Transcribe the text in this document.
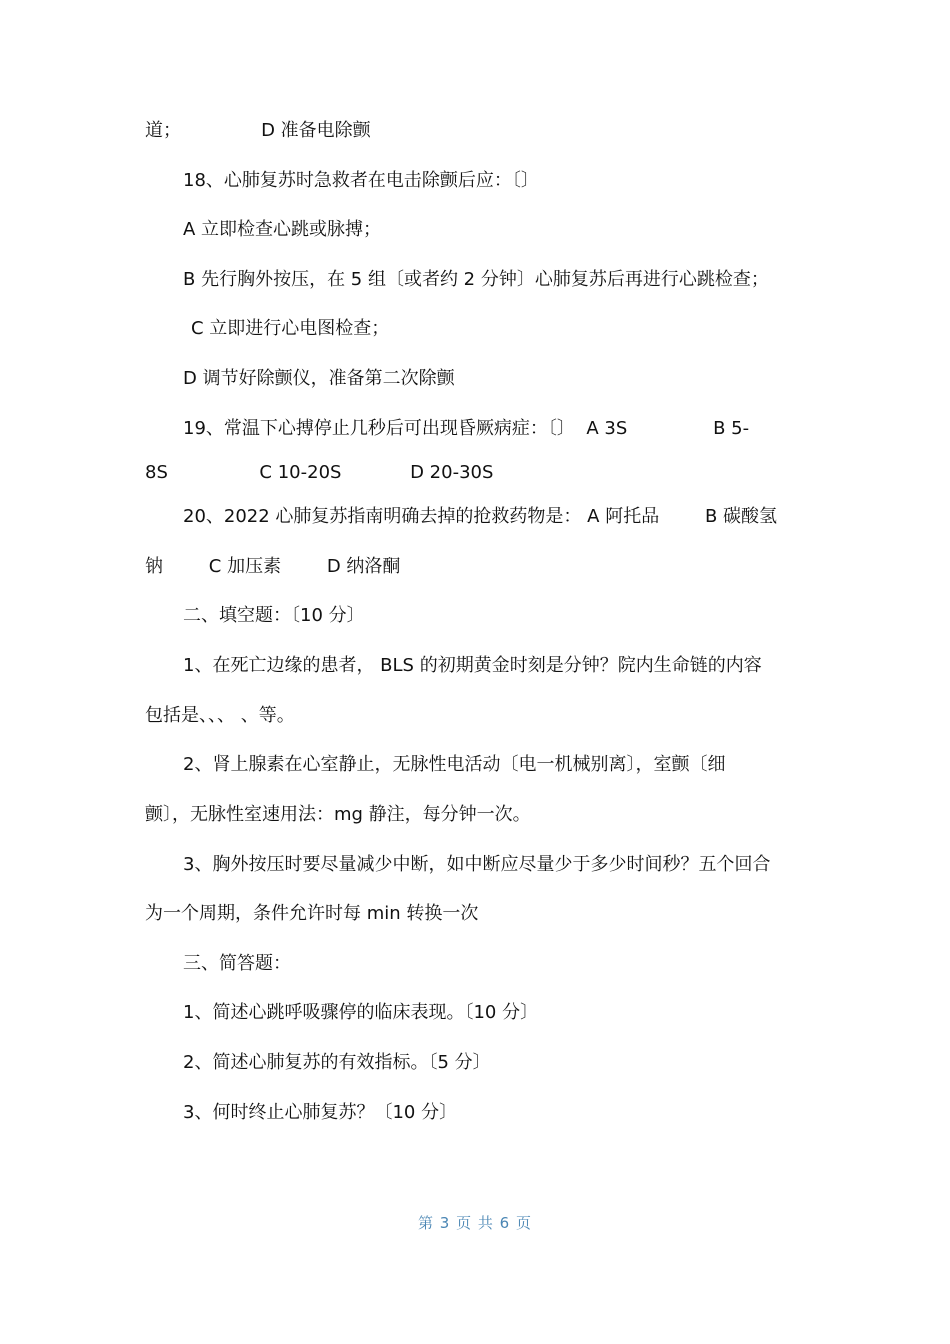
道；              D 准备电除颤
18、心肺复苏时急救者在电击除颤后应：〔〕
A 立即检查心跳或脉搏；
B 先行胸外按压，在 5 组〔或者约 2 分钟〕心肺复苏后再进行心跳检查；
C 立即进行心电图检查；
D 调节好除颤仪，准备第二次除颤
19、常温下心搏停止几秒后可出现昏厥病症：〔〕  A 3S               B 5-
8S                C 10-20S            D 20-30S
20、2022 心肺复苏指南明确去掉的抢救药物是： A 阿托品        B 碳酸氢
钠        C 加压素        D 纳洛酮
二、填空题：〔10 分〕
1、在死亡边缘的患者， BLS 的初期黄金时刻是分钟？院内生命链的内容
包括是、、、 、等。
2、肾上腺素在心室静止，无脉性电活动〔电一机械别离〕，室颤〔细
颤〕，无脉性室速用法：mg 静注，每分钟一次。
3、胸外按压时要尽量减少中断，如中断应尽量少于多少时间秒？五个回合
为一个周期，条件允许时每 min 转换一次
三、简答题：
1、简述心跳呼吸骤停的临床表现。〔10 分〕
2、简述心肺复苏的有效指标。〔5 分〕
3、何时终止心肺复苏？〔10 分〕
第 3 页 共 6 页
